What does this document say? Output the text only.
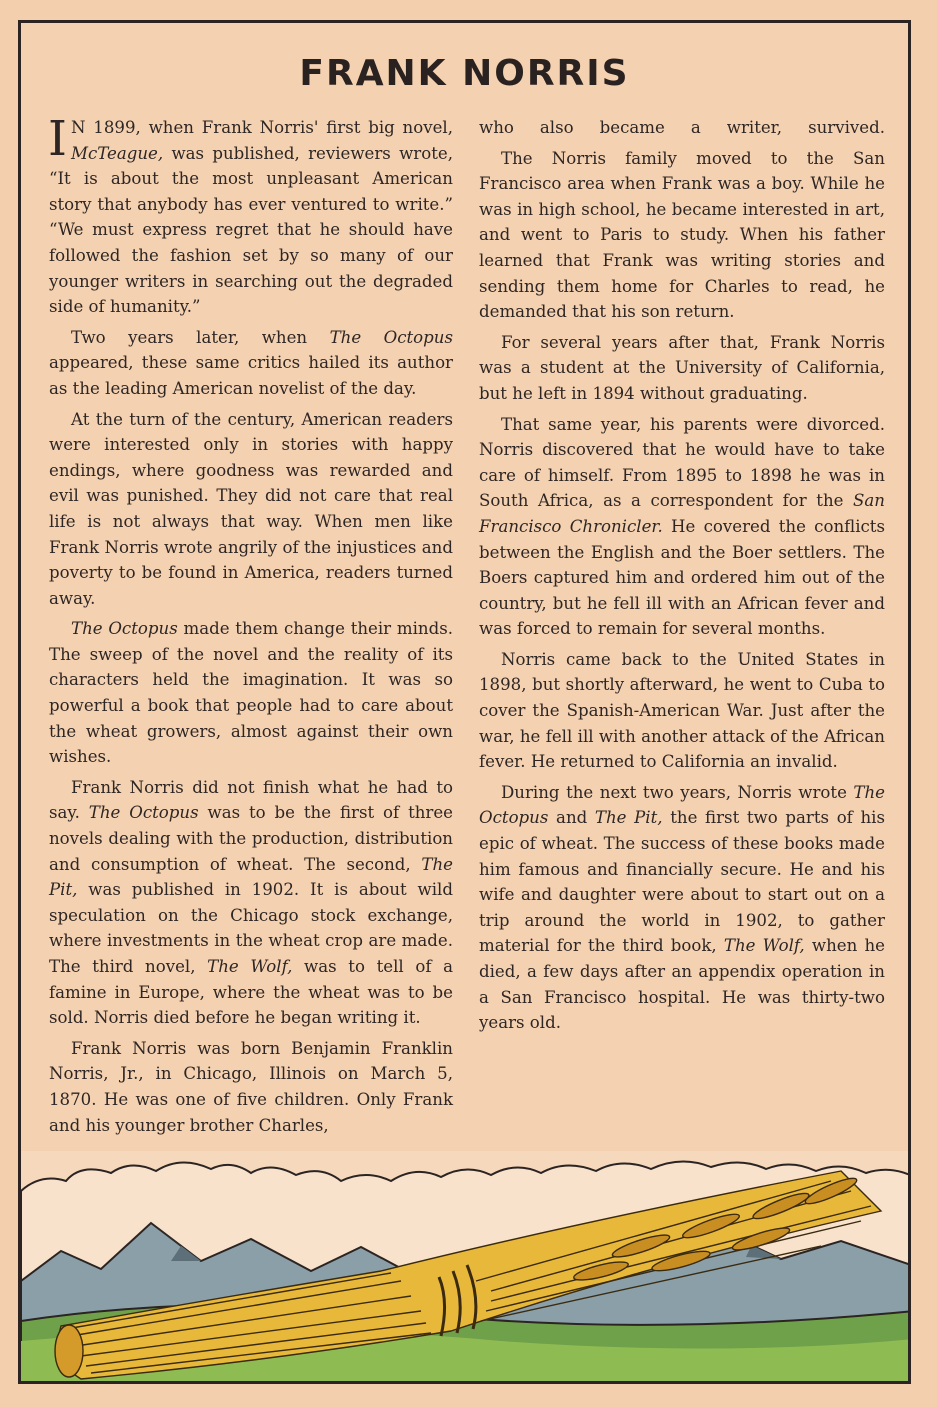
FRANK NORRIS

I N 1899, when Frank Norris' first big novel, McTeague, was published, reviewers wrote, “It is about the most unpleasant American story that anybody has ever ventured to write.” “We must express regret that he should have followed the fashion set by so many of our younger writers in searching out the degraded side of humanity.”

Two years later, when The Octopus appeared, these same critics hailed its author as the leading American novelist of the day.

At the turn of the century, American readers were interested only in stories with happy endings, where goodness was rewarded and evil was punished. They did not care that real life is not always that way. When men like Frank Norris wrote angrily of the injustices and poverty to be found in America, readers turned away.

The Octopus made them change their minds. The sweep of the novel and the reality of its characters held the imagination. It was so powerful a book that people had to care about the wheat growers, almost against their own wishes.

Frank Norris did not finish what he had to say. The Octopus was to be the first of three novels dealing with the production, distribution and consumption of wheat. The second, The Pit, was published in 1902. It is about wild speculation on the Chicago stock exchange, where investments in the wheat crop are made. The third novel, The Wolf, was to tell of a famine in Europe, where the wheat was to be sold. Norris died before he began writing it.

Frank Norris was born Benjamin Franklin Norris, Jr., in Chicago, Illinois on March 5, 1870. He was one of five children. Only Frank and his younger brother Charles,

who also became a writer, survived.

The Norris family moved to the San Francisco area when Frank was a boy. While he was in high school, he became interested in art, and went to Paris to study. When his father learned that Frank was writing stories and sending them home for Charles to read, he demanded that his son return.

For several years after that, Frank Norris was a student at the University of California, but he left in 1894 without graduating.

That same year, his parents were divorced. Norris discovered that he would have to take care of himself. From 1895 to 1898 he was in South Africa, as a correspondent for the San Francisco Chronicler. He covered the conflicts between the English and the Boer settlers. The Boers captured him and ordered him out of the country, but he fell ill with an African fever and was forced to remain for several months.

Norris came back to the United States in 1898, but shortly afterward, he went to Cuba to cover the Spanish-American War. Just after the war, he fell ill with another attack of the African fever. He returned to California an invalid.

During the next two years, Norris wrote The Octopus and The Pit, the first two parts of his epic of wheat. The success of these books made him famous and financially secure. He and his wife and daughter were about to start out on a trip around the world in 1902, to gather material for the third book, The Wolf, when he died, a few days after an appendix operation in a San Francisco hospital. He was thirty-two years old.
